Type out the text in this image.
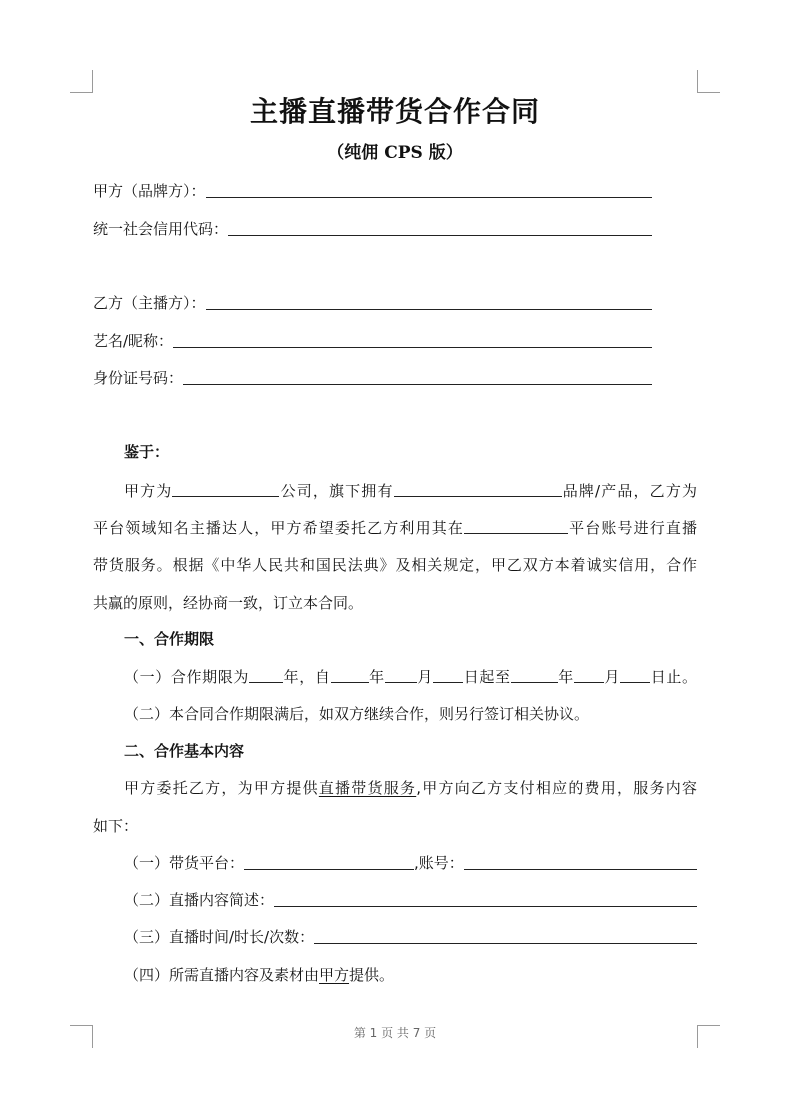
主播直播带货合作合同
（纯佣 CPS 版）
甲方（品牌方）：
统一社会信用代码：
乙方（主播方）：
艺名/昵称：
身份证号码：
鉴于：
甲方为	公司，旗下拥有	品牌/产品，乙方为
平台领域知名主播达人，甲方希望委托乙方利用其在	平台账号进行直播
带货服务。根据《中华人民共和国民法典》及相关规定，甲乙双方本着诚实信用，合作
共赢的原则，经协商一致，订立本合同。
一、合作期限
（一）合作期限为 年，自	年 月 日起至	年 月 日止。
（二）本合同合作期限满后，如双方继续合作，则另行签订相关协议。
二、合作基本内容
甲方委托乙方，为甲方提供直播带货服务,甲方向乙方支付相应的费用，服务内容
如下：
（一）带货平台：	,账号：
（二）直播内容简述：
（三）直播时间/时长/次数：
（四）所需直播内容及素材由甲方提供。
第 1 页 共 7 页
